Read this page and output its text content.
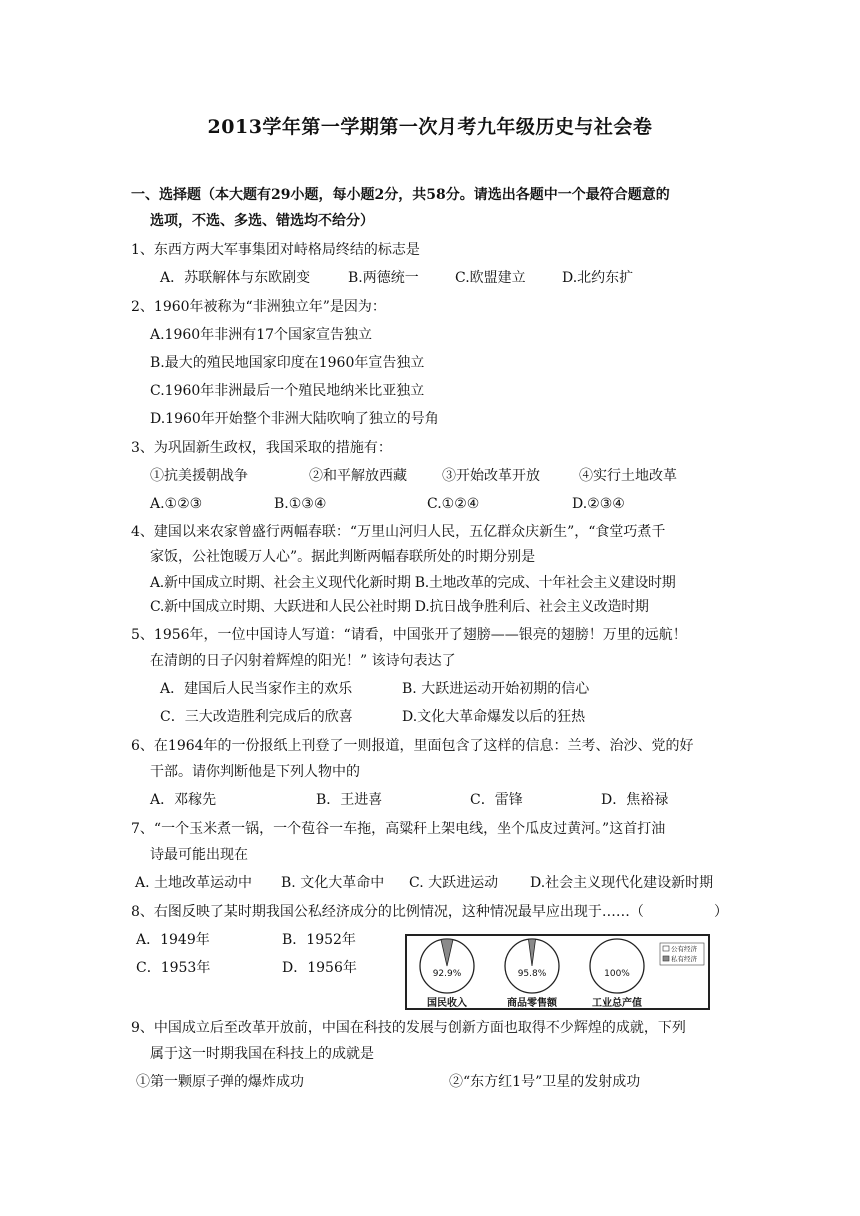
2013学年第一学期第一次月考九年级历史与社会卷
一、选择题（本大题有29小题，每小题2分，共58分。请选出各题中一个最符合题意的
选项，不选、多选、错选均不给分）
1、东西方两大军事集团对峙格局终结的标志是
A．苏联解体与东欧剧变	B.两德统一	C.欧盟建立	D.北约东扩
2、1960年被称为“非洲独立年”是因为：
A.1960年非洲有17个国家宣告独立
B.最大的殖民地国家印度在1960年宣告独立
C.1960年非洲最后一个殖民地纳米比亚独立
D.1960年开始整个非洲大陆吹响了独立的号角
3、为巩固新生政权，我国采取的措施有：
①抗美援朝战争	②和平解放西藏	③开始改革开放	④实行土地改革
A.①②③	B.①③④	C.①②④	D.②③④
4、建国以来农家曾盛行两幅春联：“万里山河归人民，五亿群众庆新生”，“食堂巧煮千
家饭，公社饱暖万人心”。据此判断两幅春联所处的时期分别是
A.新中国成立时期、社会主义现代化新时期 B.土地改革的完成、十年社会主义建设时期
C.新中国成立时期、大跃进和人民公社时期 D.抗日战争胜利后、社会主义改造时期
5、1956年，一位中国诗人写道：“请看，中国张开了翅膀——银亮的翅膀！万里的远航！
在清朗的日子闪射着辉煌的阳光！” 该诗句表达了
A．建国后人民当家作主的欢乐	B. 大跃进运动开始初期的信心
C．三大改造胜利完成后的欣喜	D.文化大革命爆发以后的狂热
6、在1964年的一份报纸上刊登了一则报道，里面包含了这样的信息：兰考、治沙、党的好
干部。请你判断他是下列人物中的
A．邓稼先	B．王进喜	C．雷锋	D．焦裕禄
7、“一个玉米煮一锅，一个苞谷一车拖，高粱秆上架电线，坐个瓜皮过黄河。”这首打油
诗最可能出现在
A. 土地改革运动中 B. 文化大革命中 C. 大跃进运动 D.社会主义现代化建设新时期
8、右图反映了某时期我国公私经济成分的比例情况，这种情况最早应出现于……（	）
A．1949年	B．1952年
C．1953年	D．1956年	92.9%
国民收入
95.8%
商品零售额
100%
工业总产值
公有经济
私有经济
9、中国成立后至改革开放前，中国在科技的发展与创新方面也取得不少辉煌的成就，下列
属于这一时期我国在科技上的成就是
①第一颗原子弹的爆炸成功	②“东方红1号”卫星的发射成功
